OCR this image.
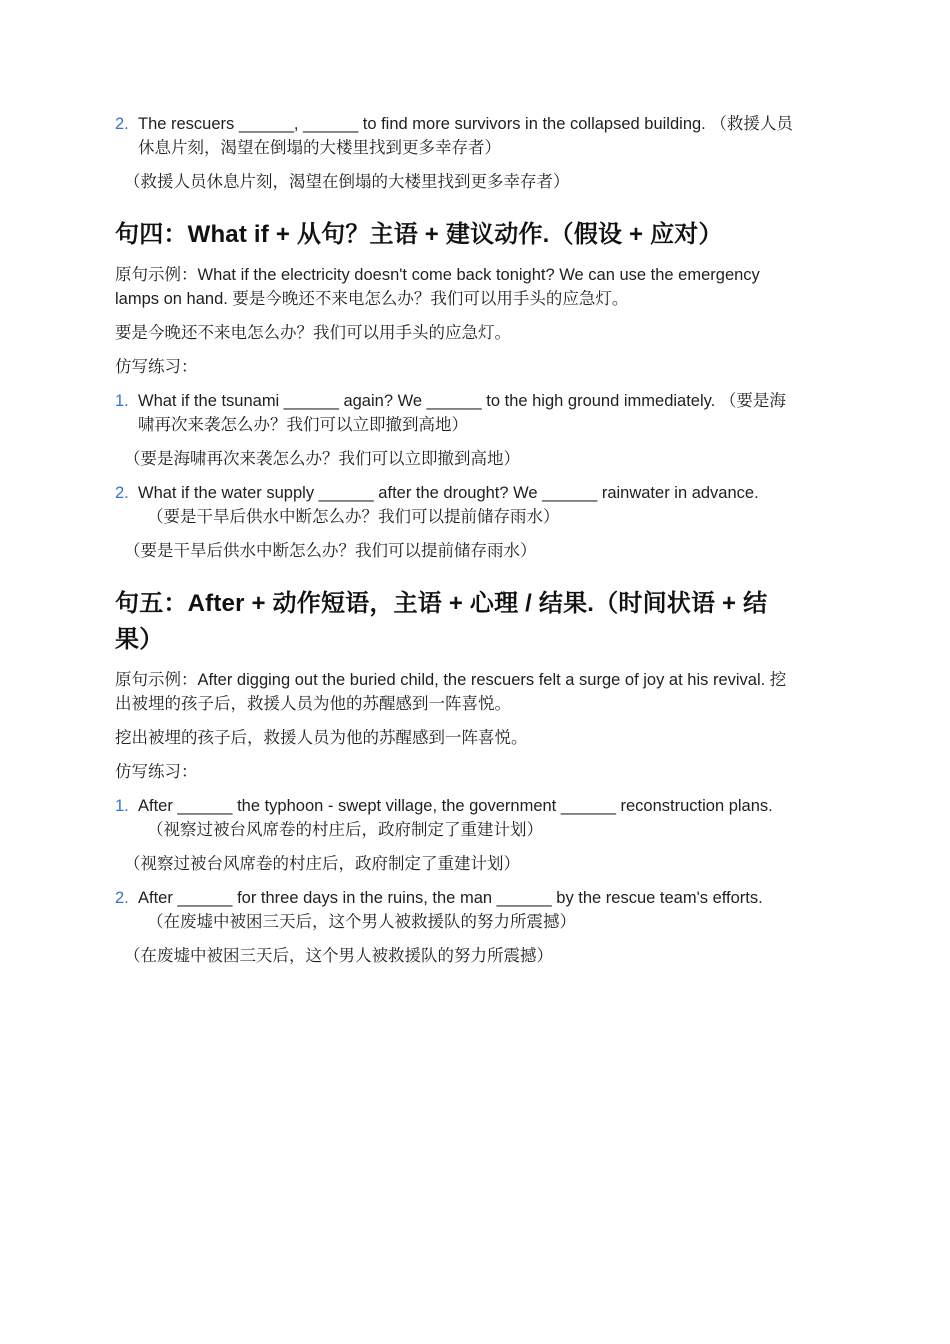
2. The rescuers ______, ______ to find more survivors in the collapsed building. （救援人员
休息片刻，渴望在倒塌的大楼里找到更多幸存者）
（救援人员休息片刻，渴望在倒塌的大楼里找到更多幸存者）
句四：What if + 从句？主语 + 建议动作.（假设 + 应对）
原句示例：What if the electricity doesn't come back tonight? We can use the emergency
lamps on hand. 要是今晚还不来电怎么办？我们可以用手头的应急灯。
要是今晚还不来电怎么办？我们可以用手头的应急灯。
仿写练习：
1. What if the tsunami ______ again? We ______ to the high ground immediately. （要是海
啸再次来袭怎么办？我们可以立即撤到高地）
（要是海啸再次来袭怎么办？我们可以立即撤到高地）
2. What if the water supply ______ after the drought? We ______ rainwater in advance.
（要是干旱后供水中断怎么办？我们可以提前储存雨水）
（要是干旱后供水中断怎么办？我们可以提前储存雨水）
句五：After + 动作短语，主语 + 心理 / 结果.（时间状语 + 结
果）
原句示例：After digging out the buried child, the rescuers felt a surge of joy at his revival. 挖
出被埋的孩子后，救援人员为他的苏醒感到一阵喜悦。
挖出被埋的孩子后，救援人员为他的苏醒感到一阵喜悦。
仿写练习：
1. After ______ the typhoon - swept village, the government ______ reconstruction plans.
（视察过被台风席卷的村庄后，政府制定了重建计划）
（视察过被台风席卷的村庄后，政府制定了重建计划）
2. After ______ for three days in the ruins, the man ______ by the rescue team's efforts.
（在废墟中被困三天后，这个男人被救援队的努力所震撼）
（在废墟中被困三天后，这个男人被救援队的努力所震撼）
